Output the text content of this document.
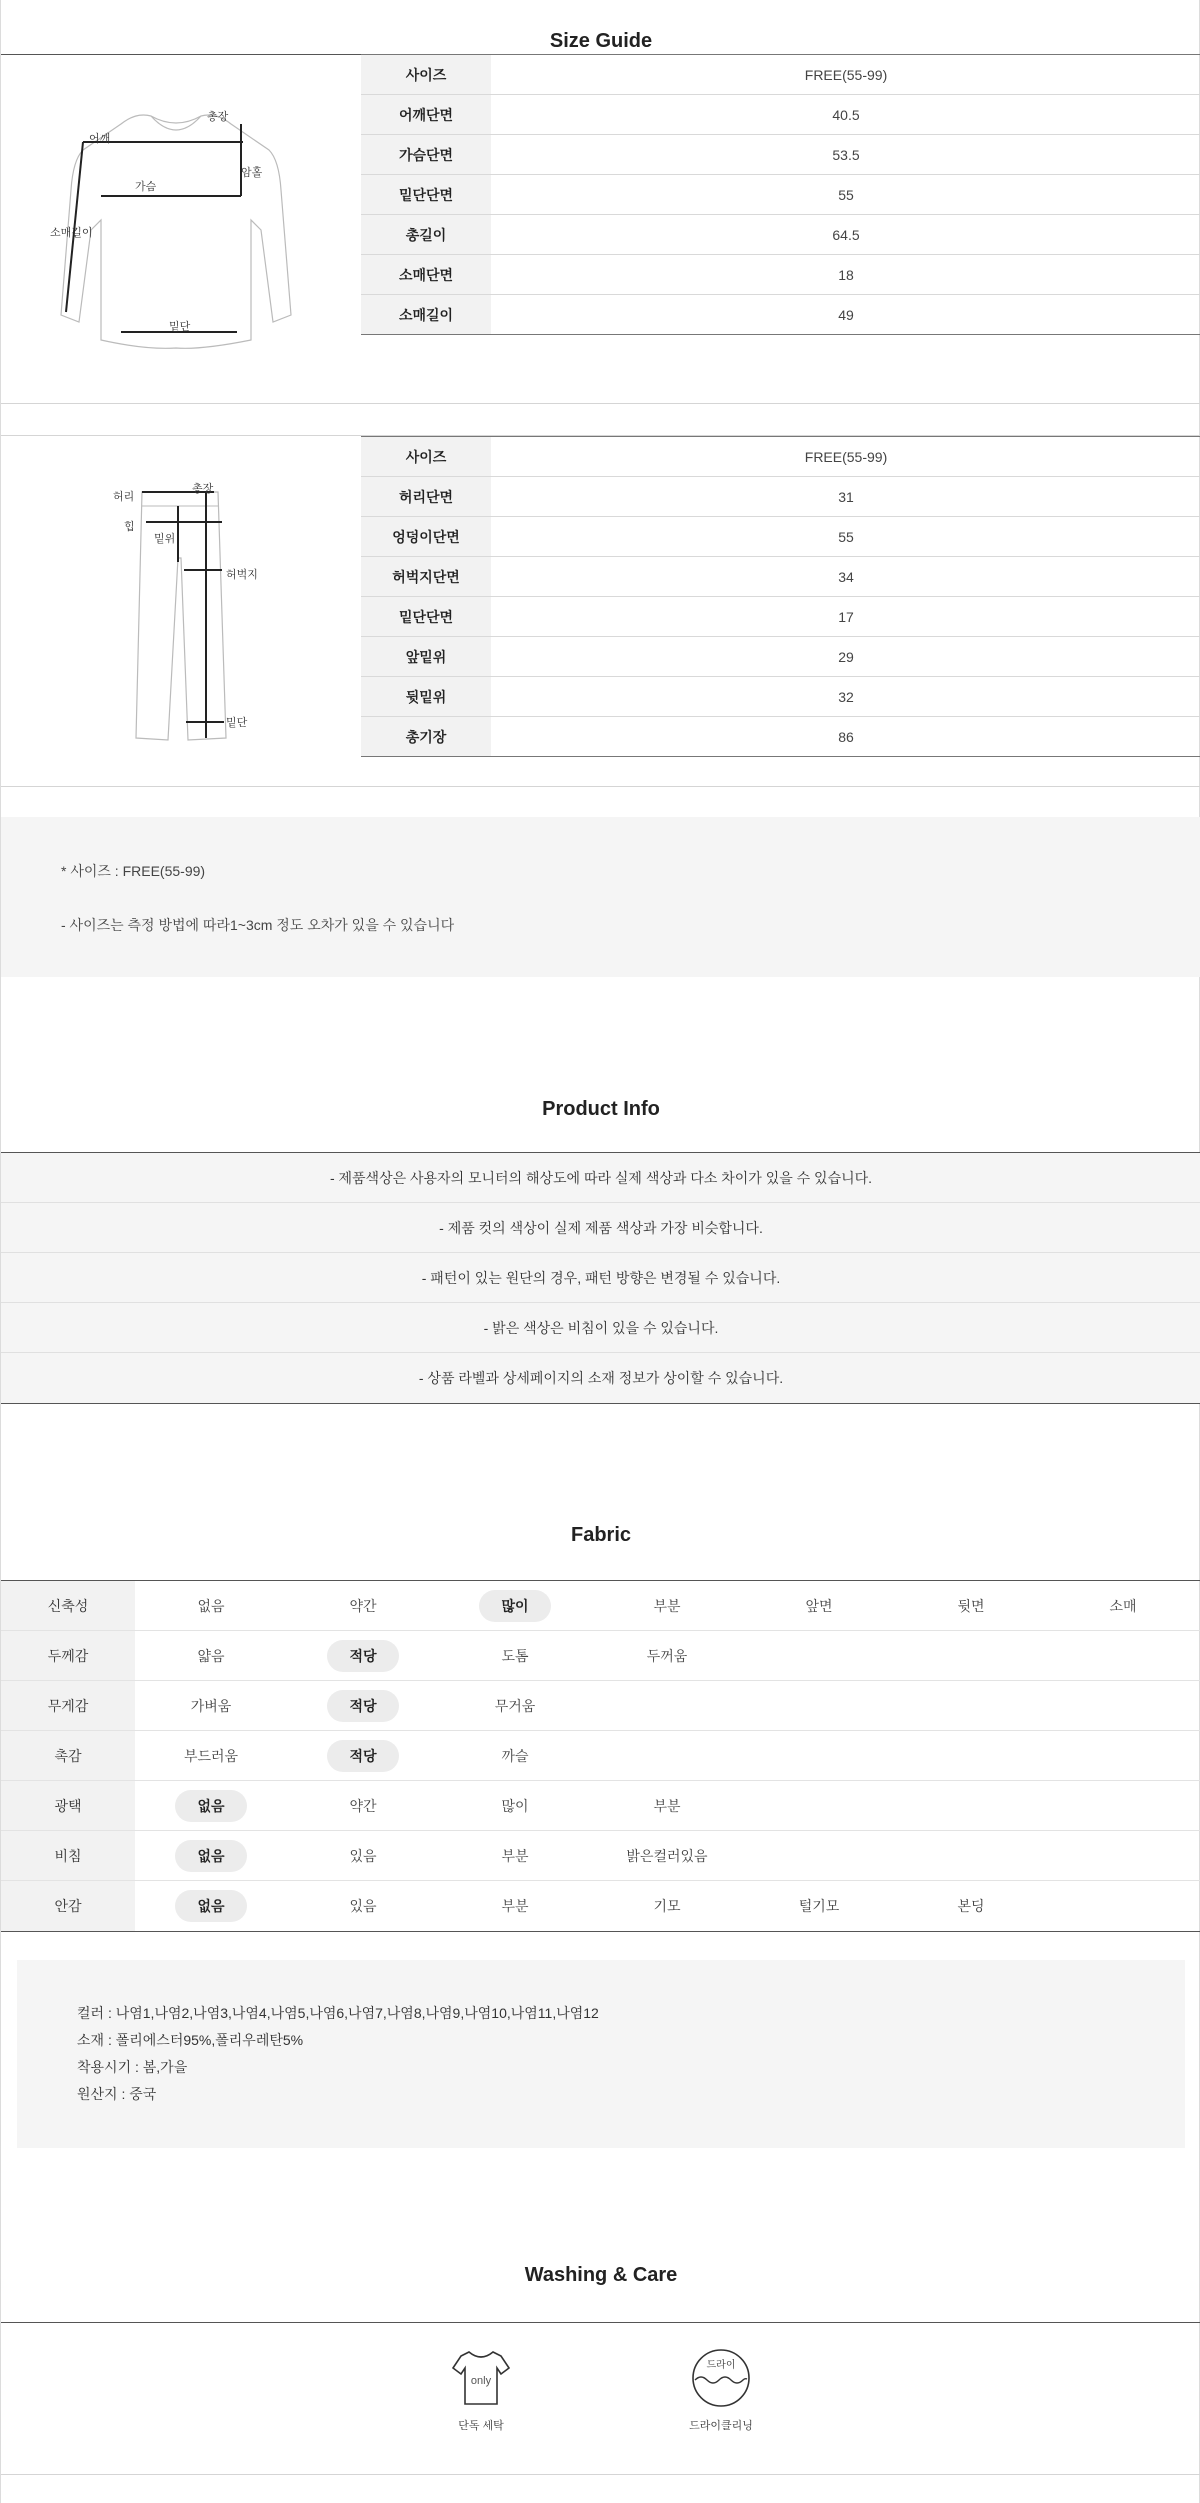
Size Guide
어깨
총장
가슴
암홀
소매길이
밑단
사이즈	FREE(55-99)
어깨단면	40.5
가슴단면	53.5
밑단단면	55
총길이	64.5
소매단면	18
소매길이	49
허리
총장
힙
밑위
허벅지
밑단
사이즈	FREE(55-99)
허리단면	31
엉덩이단면	55
허벅지단면	34
밑단단면	17
앞밑위	29
뒷밑위	32
총기장	86
* 사이즈 : FREE(55-99)
- 사이즈는 측정 방법에 따라1~3cm 정도 오차가 있을 수 있습니다
Product Info
- 제품색상은 사용자의 모니터의 해상도에 따라 실제 색상과 다소 차이가 있을 수 있습니다.
- 제품 컷의 색상이 실제 제품 색상과 가장 비슷합니다.
- 패턴이 있는 원단의 경우, 패턴 방향은 변경될 수 있습니다.
- 밝은 색상은 비침이 있을 수 있습니다.
- 상품 라벨과 상세페이지의 소재 정보가 상이할 수 있습니다.
Fabric
신축성	없음	약간	많이	부분	앞면	뒷면	소매
두께감	얇음	적당	도톰	두꺼움
무게감	가벼움	적당	무거움
촉감	부드러움	적당	까슬
광택	없음	약간	많이	부분
비침	없음	있음	부분	밝은컬러있음
안감	없음	있음	부분	기모	털기모	본딩
컬러 : 나염1,나염2,나염3,나염4,나염5,나염6,나염7,나염8,나염9,나염10,나염11,나염12
소재 : 폴리에스터95%,폴리우레탄5%
착용시기 : 봄,가을
원산지 : 중국
Washing & Care
only
단독 세탁
드라이
드라이클리닝
